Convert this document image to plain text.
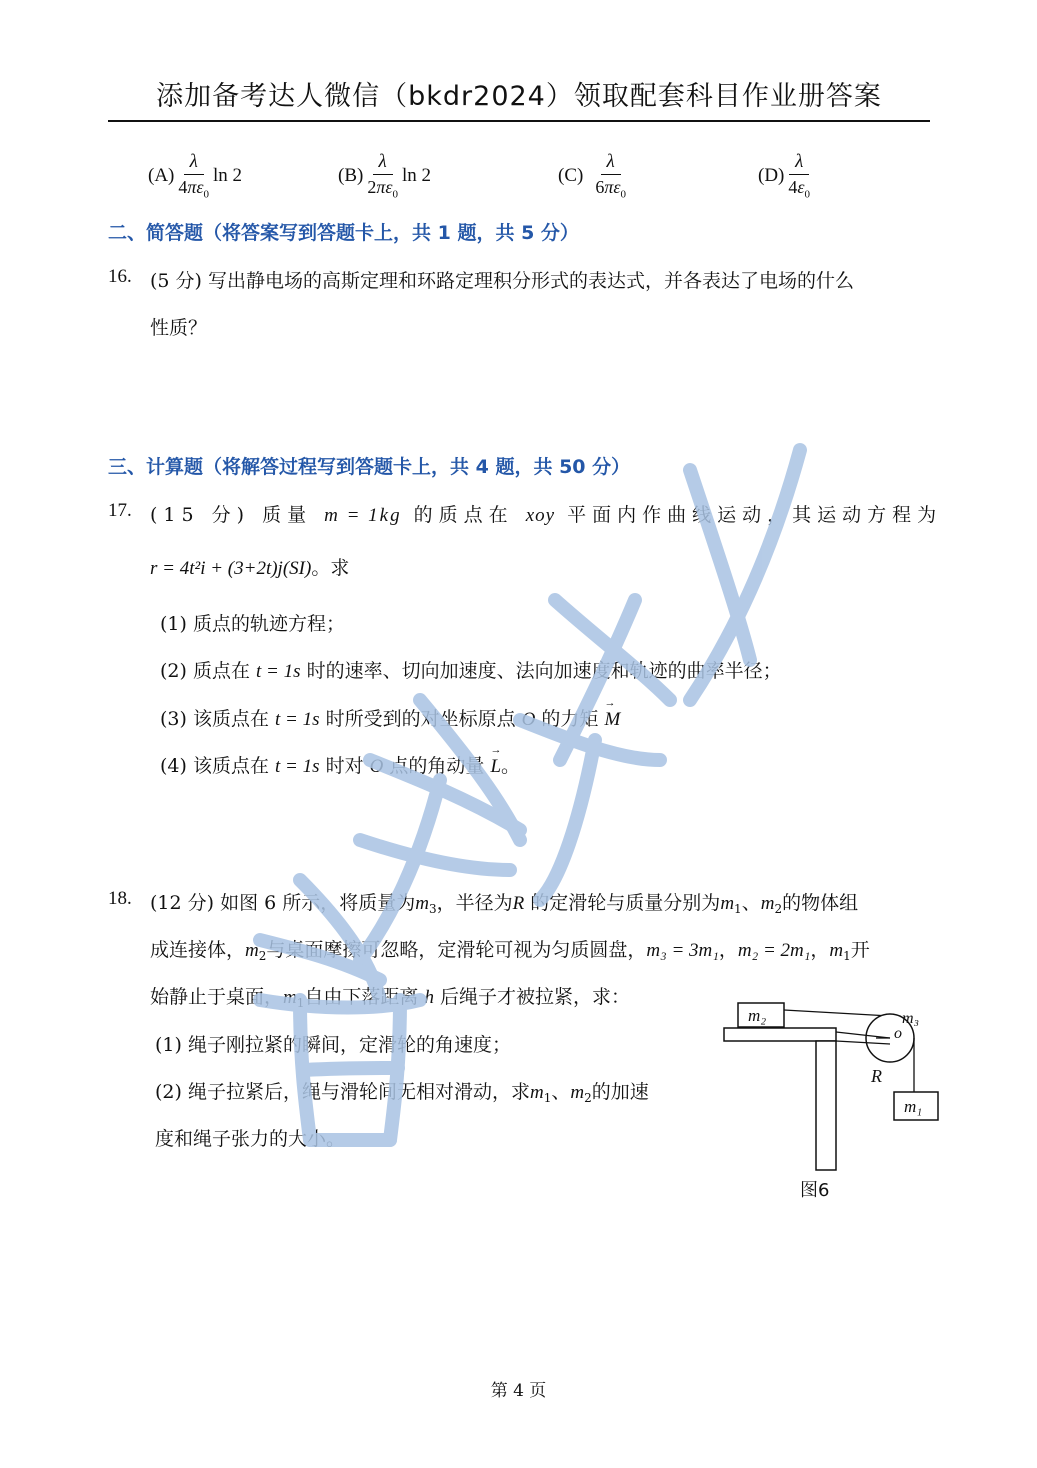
添加备考达人微信（bkdr2024）领取配套科目作业册答案
$(A) \frac{\lambda}{4\pi\varepsilon_0}$ ln 2	$(B) \frac{\lambda}{2\pi\varepsilon_0}$ ln 2	$(C) \frac{\lambda}{6\pi\varepsilon_0}$	$(D) \frac{\lambda}{4\varepsilon_0}$
二、简答题（将答案写到答题卡上，共 1 题，共 5 分）
16. (5 分) 写出静电场的高斯定理和环路定理积分形式的表达式，并各表达了电场的什么
性质？
三、计算题（将解答过程写到答题卡上，共 4 题，共 50 分）
17. (15 分) 质量 m = 1kg 的质点在 xoy 平面内作曲线运动，其运动方程为
r = 4t²i + (3+2t)j(SI)。求
(1) 质点的轨迹方程；
(2) 质点在 t = 1s 时的速率、切向加速度、法向加速度和轨迹的曲率半径；
(3) 该质点在 t = 1s 时所受到的对坐标原点 O 的力矩 → M
(4) 该质点在 t = 1s 时对 O 点的角动量 → L。
18. (12 分) 如图 6 所示，将质量为$m_3$，半径为R 的定滑轮与质量分别为$m_1$、$m_2$的物体组
成连接体，$m_2$与桌面摩擦可忽略，定滑轮可视为匀质圆盘，m₃ = 3m₁，m₂ = 2m₁，$m_1$开
始静止于桌面，$m_1$自由下落距离 h 后绳子才被拉紧，求：
(1) 绳子刚拉紧的瞬间，定滑轮的角速度；
(2) 绳子拉紧后，绳与滑轮间无相对滑动，求$m_1$、$m_2$的加速
度和绳子张力的大小。
m₂
o
m₃
R
m₁
图6
第 4 页
